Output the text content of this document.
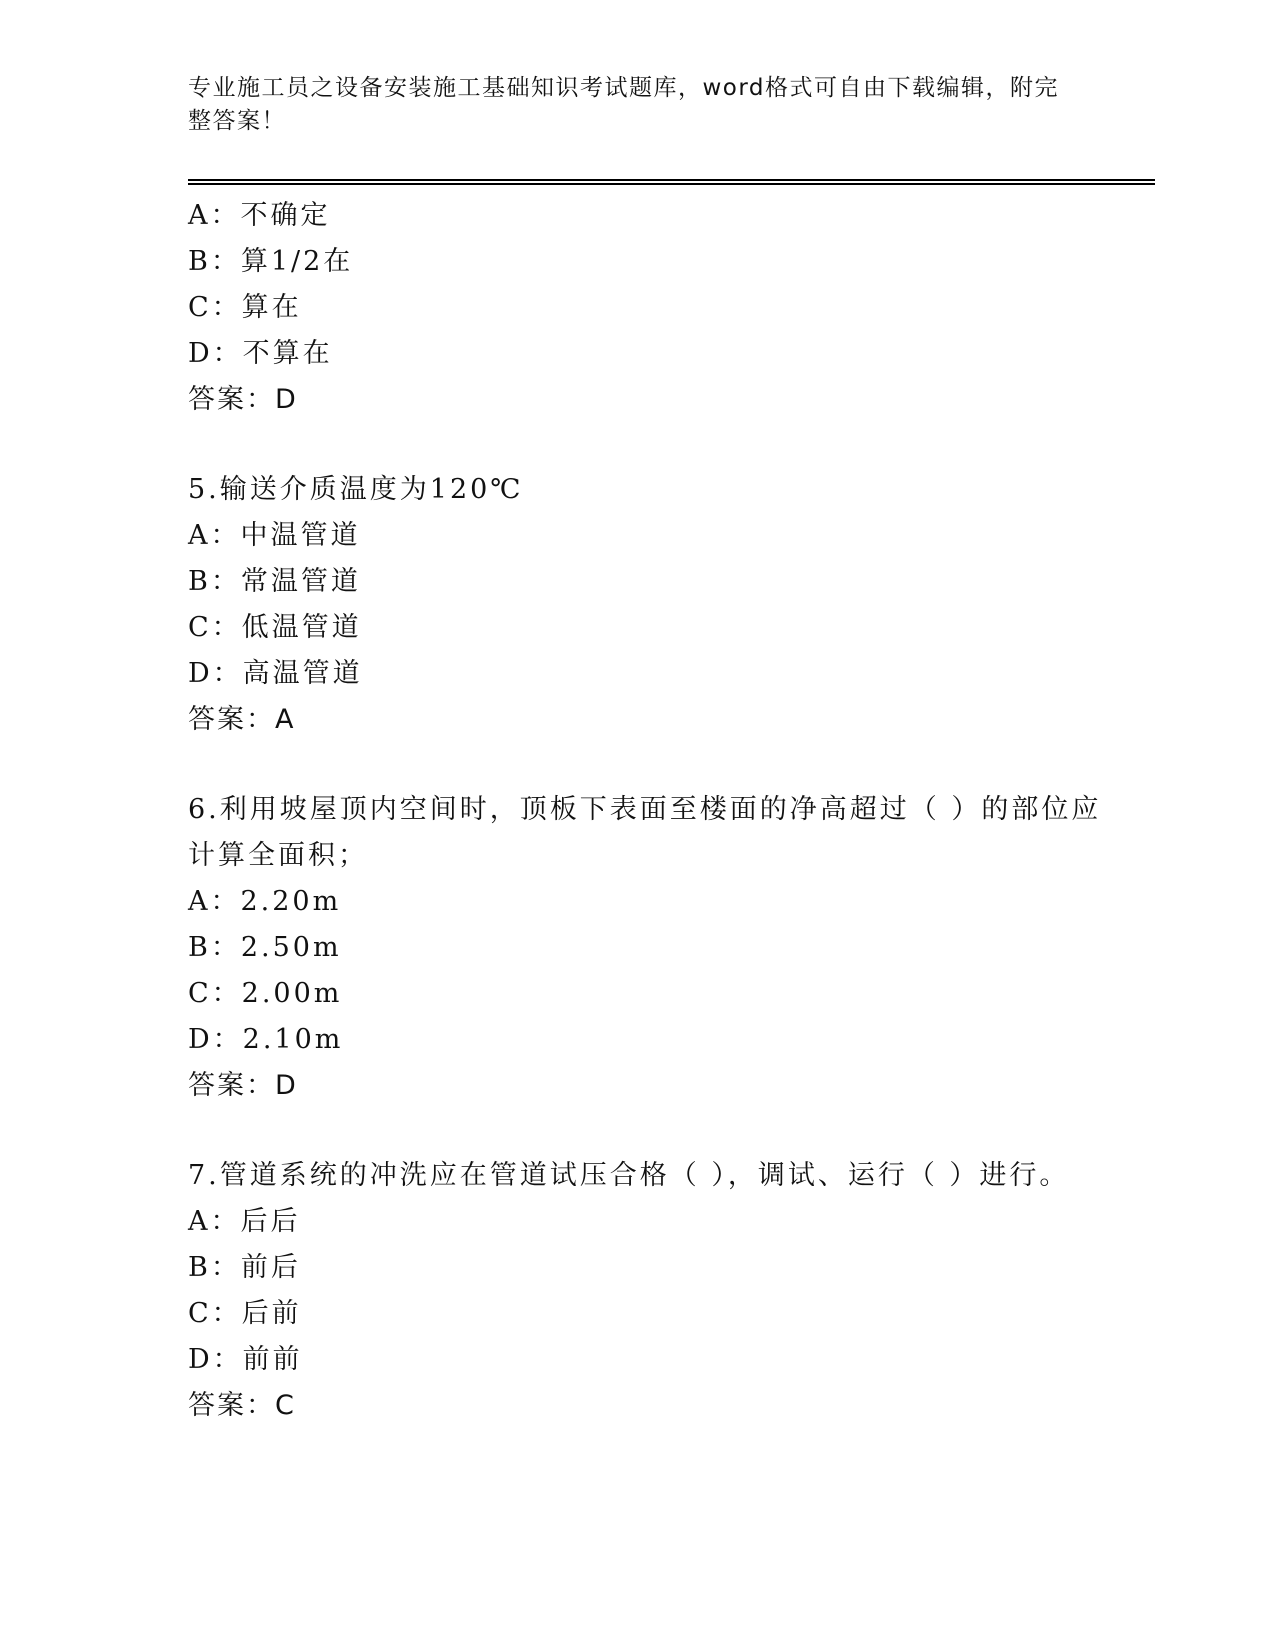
专业施工员之设备安装施工基础知识考试题库，word格式可自由下载编辑，附完
整答案！
A：不确定
B：算1/2在
C：算在
D：不算在
答案：D
5.输送介质温度为120℃
A：中温管道
B：常温管道
C：低温管道
D：高温管道
答案：A
6.利用坡屋顶内空间时，顶板下表面至楼面的净高超过（ ）的部位应
计算全面积；
A：2.20m
B：2.50m
C：2.00m
D：2.10m
答案：D
7.管道系统的冲洗应在管道试压合格（ ），调试、运行（ ）进行。
A：后后
B：前后
C：后前
D：前前
答案：C
